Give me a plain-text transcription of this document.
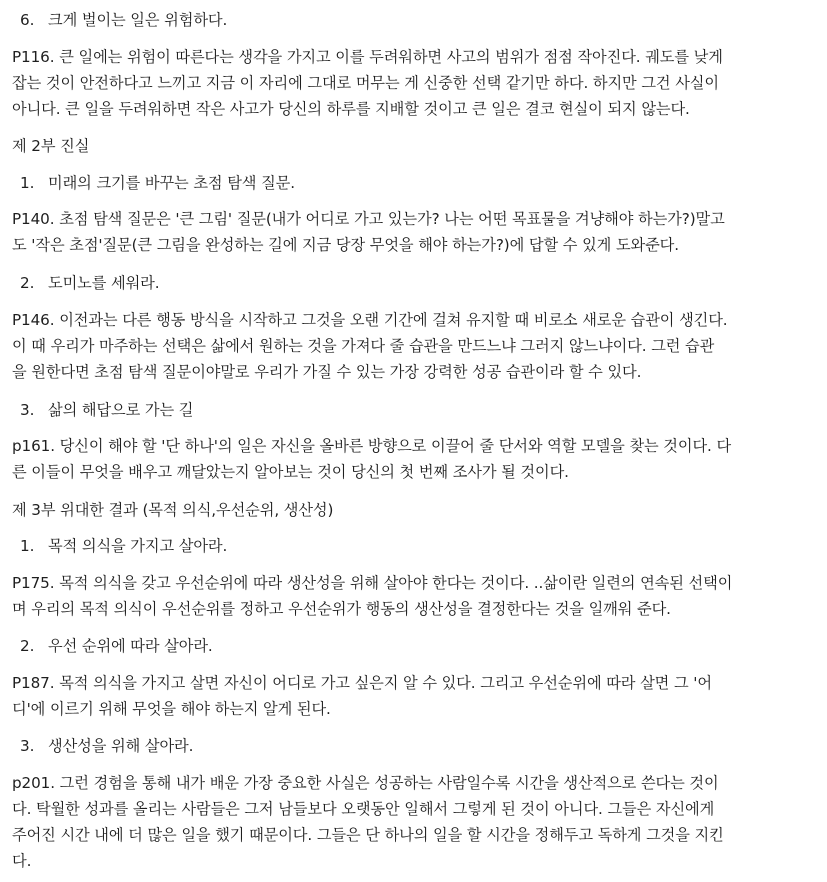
6. 크게 벌이는 일은 위험하다.
P116. 큰 일에는 위험이 따른다는 생각을 가지고 이를 두려워하면 사고의 범위가 점점 작아진다. 궤도를 낮게
잡는 것이 안전하다고 느끼고 지금 이 자리에 그대로 머무는 게 신중한 선택 같기만 하다. 하지만 그건 사실이
아니다. 큰 일을 두려워하면 작은 사고가 당신의 하루를 지배할 것이고 큰 일은 결코 현실이 되지 않는다.
제 2부 진실
1. 미래의 크기를 바꾸는 초점 탐색 질문.
P140. 초점 탐색 질문은 '큰 그림' 질문(내가 어디로 가고 있는가? 나는 어떤 목표물을 겨냥해야 하는가?)말고
도 '작은 초점'질문(큰 그림을 완성하는 길에 지금 당장 무엇을 해야 하는가?)에 답할 수 있게 도와준다.
2. 도미노를 세워라.
P146. 이전과는 다른 행동 방식을 시작하고 그것을 오랜 기간에 걸쳐 유지할 때 비로소 새로운 습관이 생긴다.
이 때 우리가 마주하는 선택은 삶에서 원하는 것을 가져다 줄 습관을 만드느냐 그러지 않느냐이다. 그런 습관
을 원한다면 초점 탐색 질문이야말로 우리가 가질 수 있는 가장 강력한 성공 습관이라 할 수 있다.
3. 삶의 해답으로 가는 길
p161. 당신이 해야 할 '단 하나'의 일은 자신을 올바른 방향으로 이끌어 줄 단서와 역할 모델을 찾는 것이다. 다
른 이들이 무엇을 배우고 깨달았는지 알아보는 것이 당신의 첫 번째 조사가 될 것이다.
제 3부 위대한 결과 (목적 의식,우선순위, 생산성)
1. 목적 의식을 가지고 살아라.
P175. 목적 의식을 갖고 우선순위에 따라 생산성을 위해 살아야 한다는 것이다. ..삶이란 일련의 연속된 선택이
며 우리의 목적 의식이 우선순위를 정하고 우선순위가 행동의 생산성을 결정한다는 것을 일깨워 준다.
2. 우선 순위에 따라 살아라.
P187. 목적 의식을 가지고 살면 자신이 어디로 가고 싶은지 알 수 있다. 그리고 우선순위에 따라 살면 그 '어
디'에 이르기 위해 무엇을 해야 하는지 알게 된다.
3. 생산성을 위해 살아라.
p201. 그런 경험을 통해 내가 배운 가장 중요한 사실은 성공하는 사람일수록 시간을 생산적으로 쓴다는 것이
다. 탁월한 성과를 올리는 사람들은 그저 남들보다 오랫동안 일해서 그렇게 된 것이 아니다. 그들은 자신에게
주어진 시간 내에 더 많은 일을 했기 때문이다. 그들은 단 하나의 일을 할 시간을 정해두고 독하게 그것을 지킨
다.
